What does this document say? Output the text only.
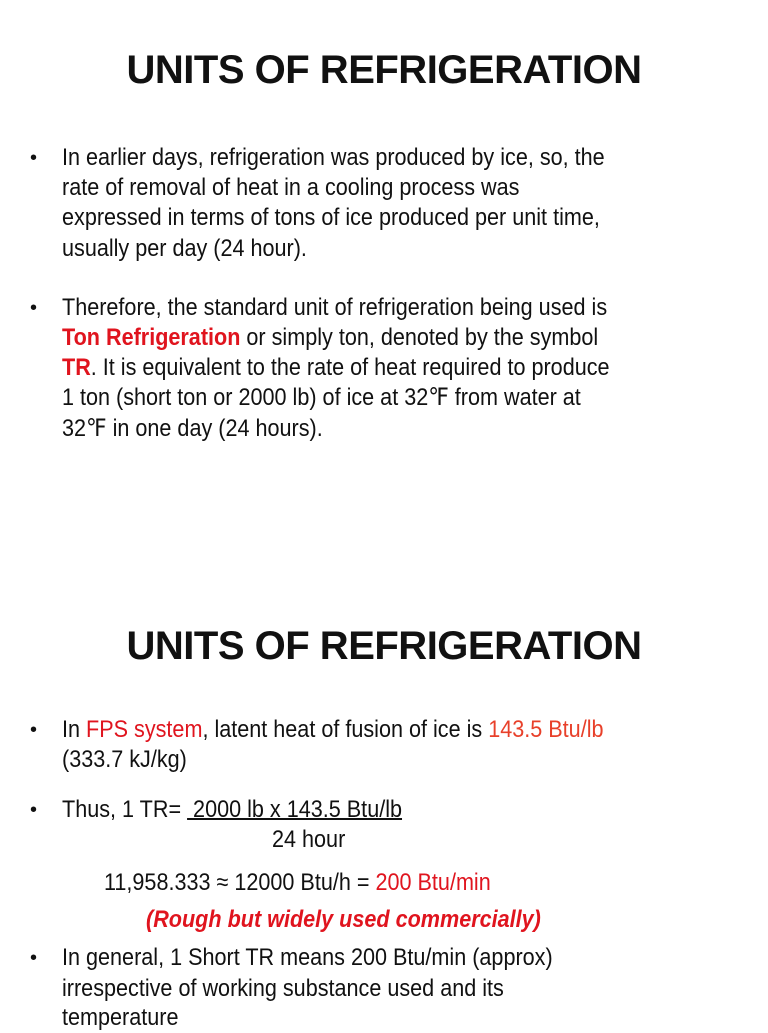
UNITS OF REFRIGERATION
• In earlier days, refrigeration was produced by ice, so, the
rate of removal of heat in a cooling process was
expressed in terms of tons of ice produced per unit time,
usually per day (24 hour).
• Therefore, the standard unit of refrigeration being used is
Ton Refrigeration or simply ton, denoted by the symbol
TR. It is equivalent to the rate of heat required to produce
1 ton (short ton or 2000 lb) of ice at 32℉ from water at
32℉ in one day (24 hours).
UNITS OF REFRIGERATION
• In FPS system, latent heat of fusion of ice is 143.5 Btu/lb
(333.7 kJ/kg)
• Thus, 1 TR=  2000 lb x 143.5 Btu/lb
24 hour
11,958.333 ≈ 12000 Btu/h = 200 Btu/min
(Rough but widely used commercially)
• In general, 1 Short TR means 200 Btu/min (approx)
irrespective of working substance used and its
temperature
